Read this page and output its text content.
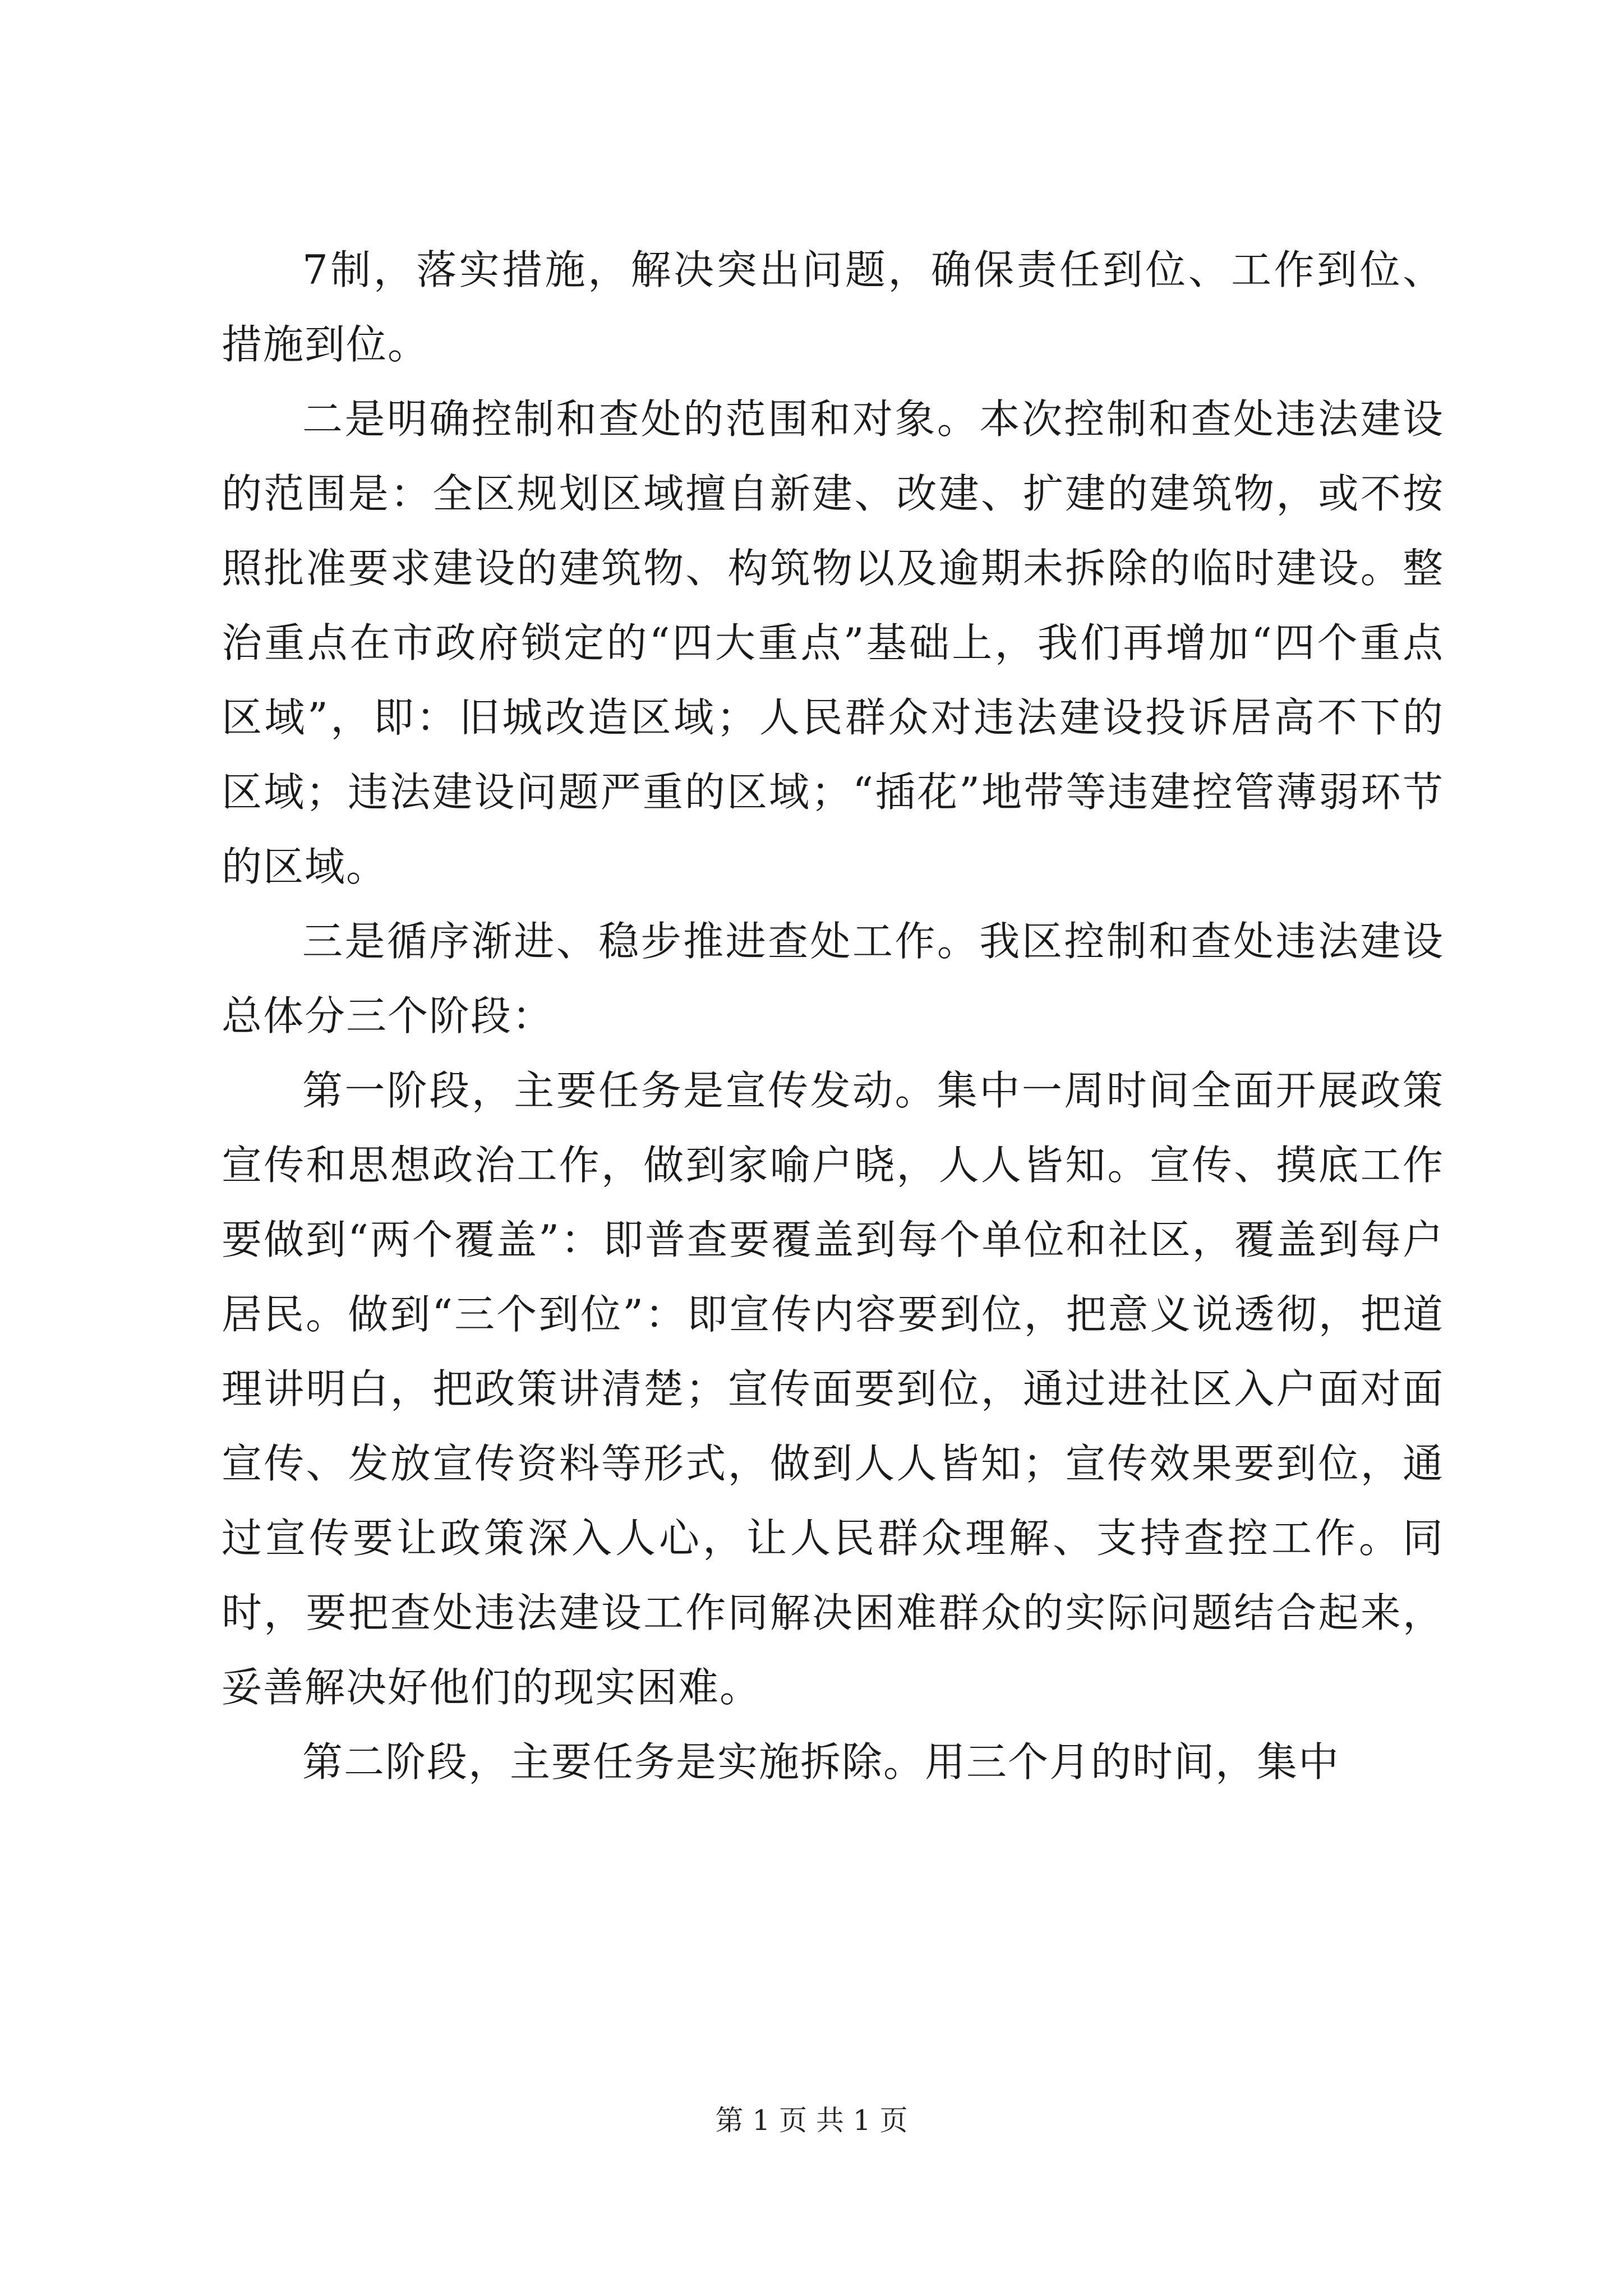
7制，落实措施，解决突出问题，确保责任到位、工作到位、措施到位。

二是明确控制和查处的范围和对象。本次控制和查处违法建设的范围是：全区规划区域擅自新建、改建、扩建的建筑物，或不按照批准要求建设的建筑物、构筑物以及逾期未拆除的临时建设。整治重点在市政府锁定的“四大重点”基础上，我们再增加“四个重点区域”，即：旧城改造区域；人民群众对违法建设投诉居高不下的区域；违法建设问题严重的区域；“插花”地带等违建控管薄弱环节的区域。

三是循序渐进、稳步推进查处工作。我区控制和查处违法建设总体分三个阶段：

第一阶段，主要任务是宣传发动。集中一周时间全面开展政策宣传和思想政治工作，做到家喻户晓，人人皆知。宣传、摸底工作要做到“两个覆盖”：即普查要覆盖到每个单位和社区，覆盖到每户居民。做到“三个到位”：即宣传内容要到位，把意义说透彻，把道理讲明白，把政策讲清楚；宣传面要到位，通过进社区入户面对面宣传、发放宣传资料等形式，做到人人皆知；宣传效果要到位，通过宣传要让政策深入人心，让人民群众理解、支持查控工作。同时，要把查处违法建设工作同解决困难群众的实际问题结合起来，妥善解决好他们的现实困难。

第二阶段，主要任务是实施拆除。用三个月的时间，集中

第 1 页 共 1 页
